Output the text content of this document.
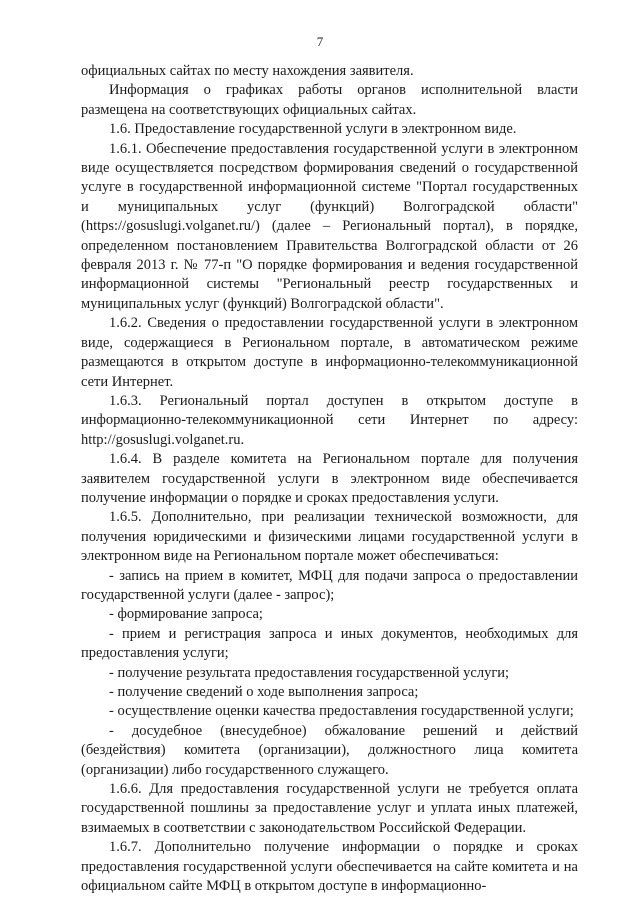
7

официальных сайтах по месту нахождения заявителя.

Информация о графиках работы органов исполнительной власти размещена на соответствующих официальных сайтах.

1.6. Предоставление государственной услуги в электронном виде.

1.6.1. Обеспечение предоставления государственной услуги в электронном виде осуществляется посредством формирования сведений о государственной услуге в государственной информационной системе "Портал государственных и муниципальных услуг (функций) Волгоградской области" (https://gosuslugi.volganet.ru/) (далее – Региональный портал), в порядке, определенном постановлением Правительства Волгоградской области от 26 февраля 2013 г. № 77-п "О порядке формирования и ведения государственной информационной системы "Региональный реестр государственных и муниципальных услуг (функций) Волгоградской области".

1.6.2. Сведения о предоставлении государственной услуги в электронном виде, содержащиеся в Региональном портале, в автоматическом режиме размещаются в открытом доступе в информационно-телекоммуникационной сети Интернет.

1.6.3. Региональный портал доступен в открытом доступе в информационно-телекоммуникационной сети Интернет по адресу: http://gosuslugi.volganet.ru.

1.6.4. В разделе комитета на Региональном портале для получения заявителем государственной услуги в электронном виде обеспечивается получение информации о порядке и сроках предоставления услуги.

1.6.5. Дополнительно, при реализации технической возможности, для получения юридическими и физическими лицами государственной услуги в электронном виде на Региональном портале может обеспечиваться:

- запись на прием в комитет, МФЦ для подачи запроса о предоставлении государственной услуги (далее - запрос);

- формирование запроса;

- прием и регистрация запроса и иных документов, необходимых для предоставления услуги;

- получение результата предоставления государственной услуги;

- получение сведений о ходе выполнения запроса;

- осуществление оценки качества предоставления государственной услуги;

- досудебное (внесудебное) обжалование решений и действий (бездействия) комитета (организации), должностного лица комитета (организации) либо государственного служащего.

1.6.6. Для предоставления государственной услуги не требуется оплата государственной пошлины за предоставление услуг и уплата иных платежей, взимаемых в соответствии с законодательством Российской Федерации.

1.6.7. Дополнительно получение информации о порядке и сроках предоставления государственной услуги обеспечивается на сайте комитета и на официальном сайте МФЦ в открытом доступе в информационно-
